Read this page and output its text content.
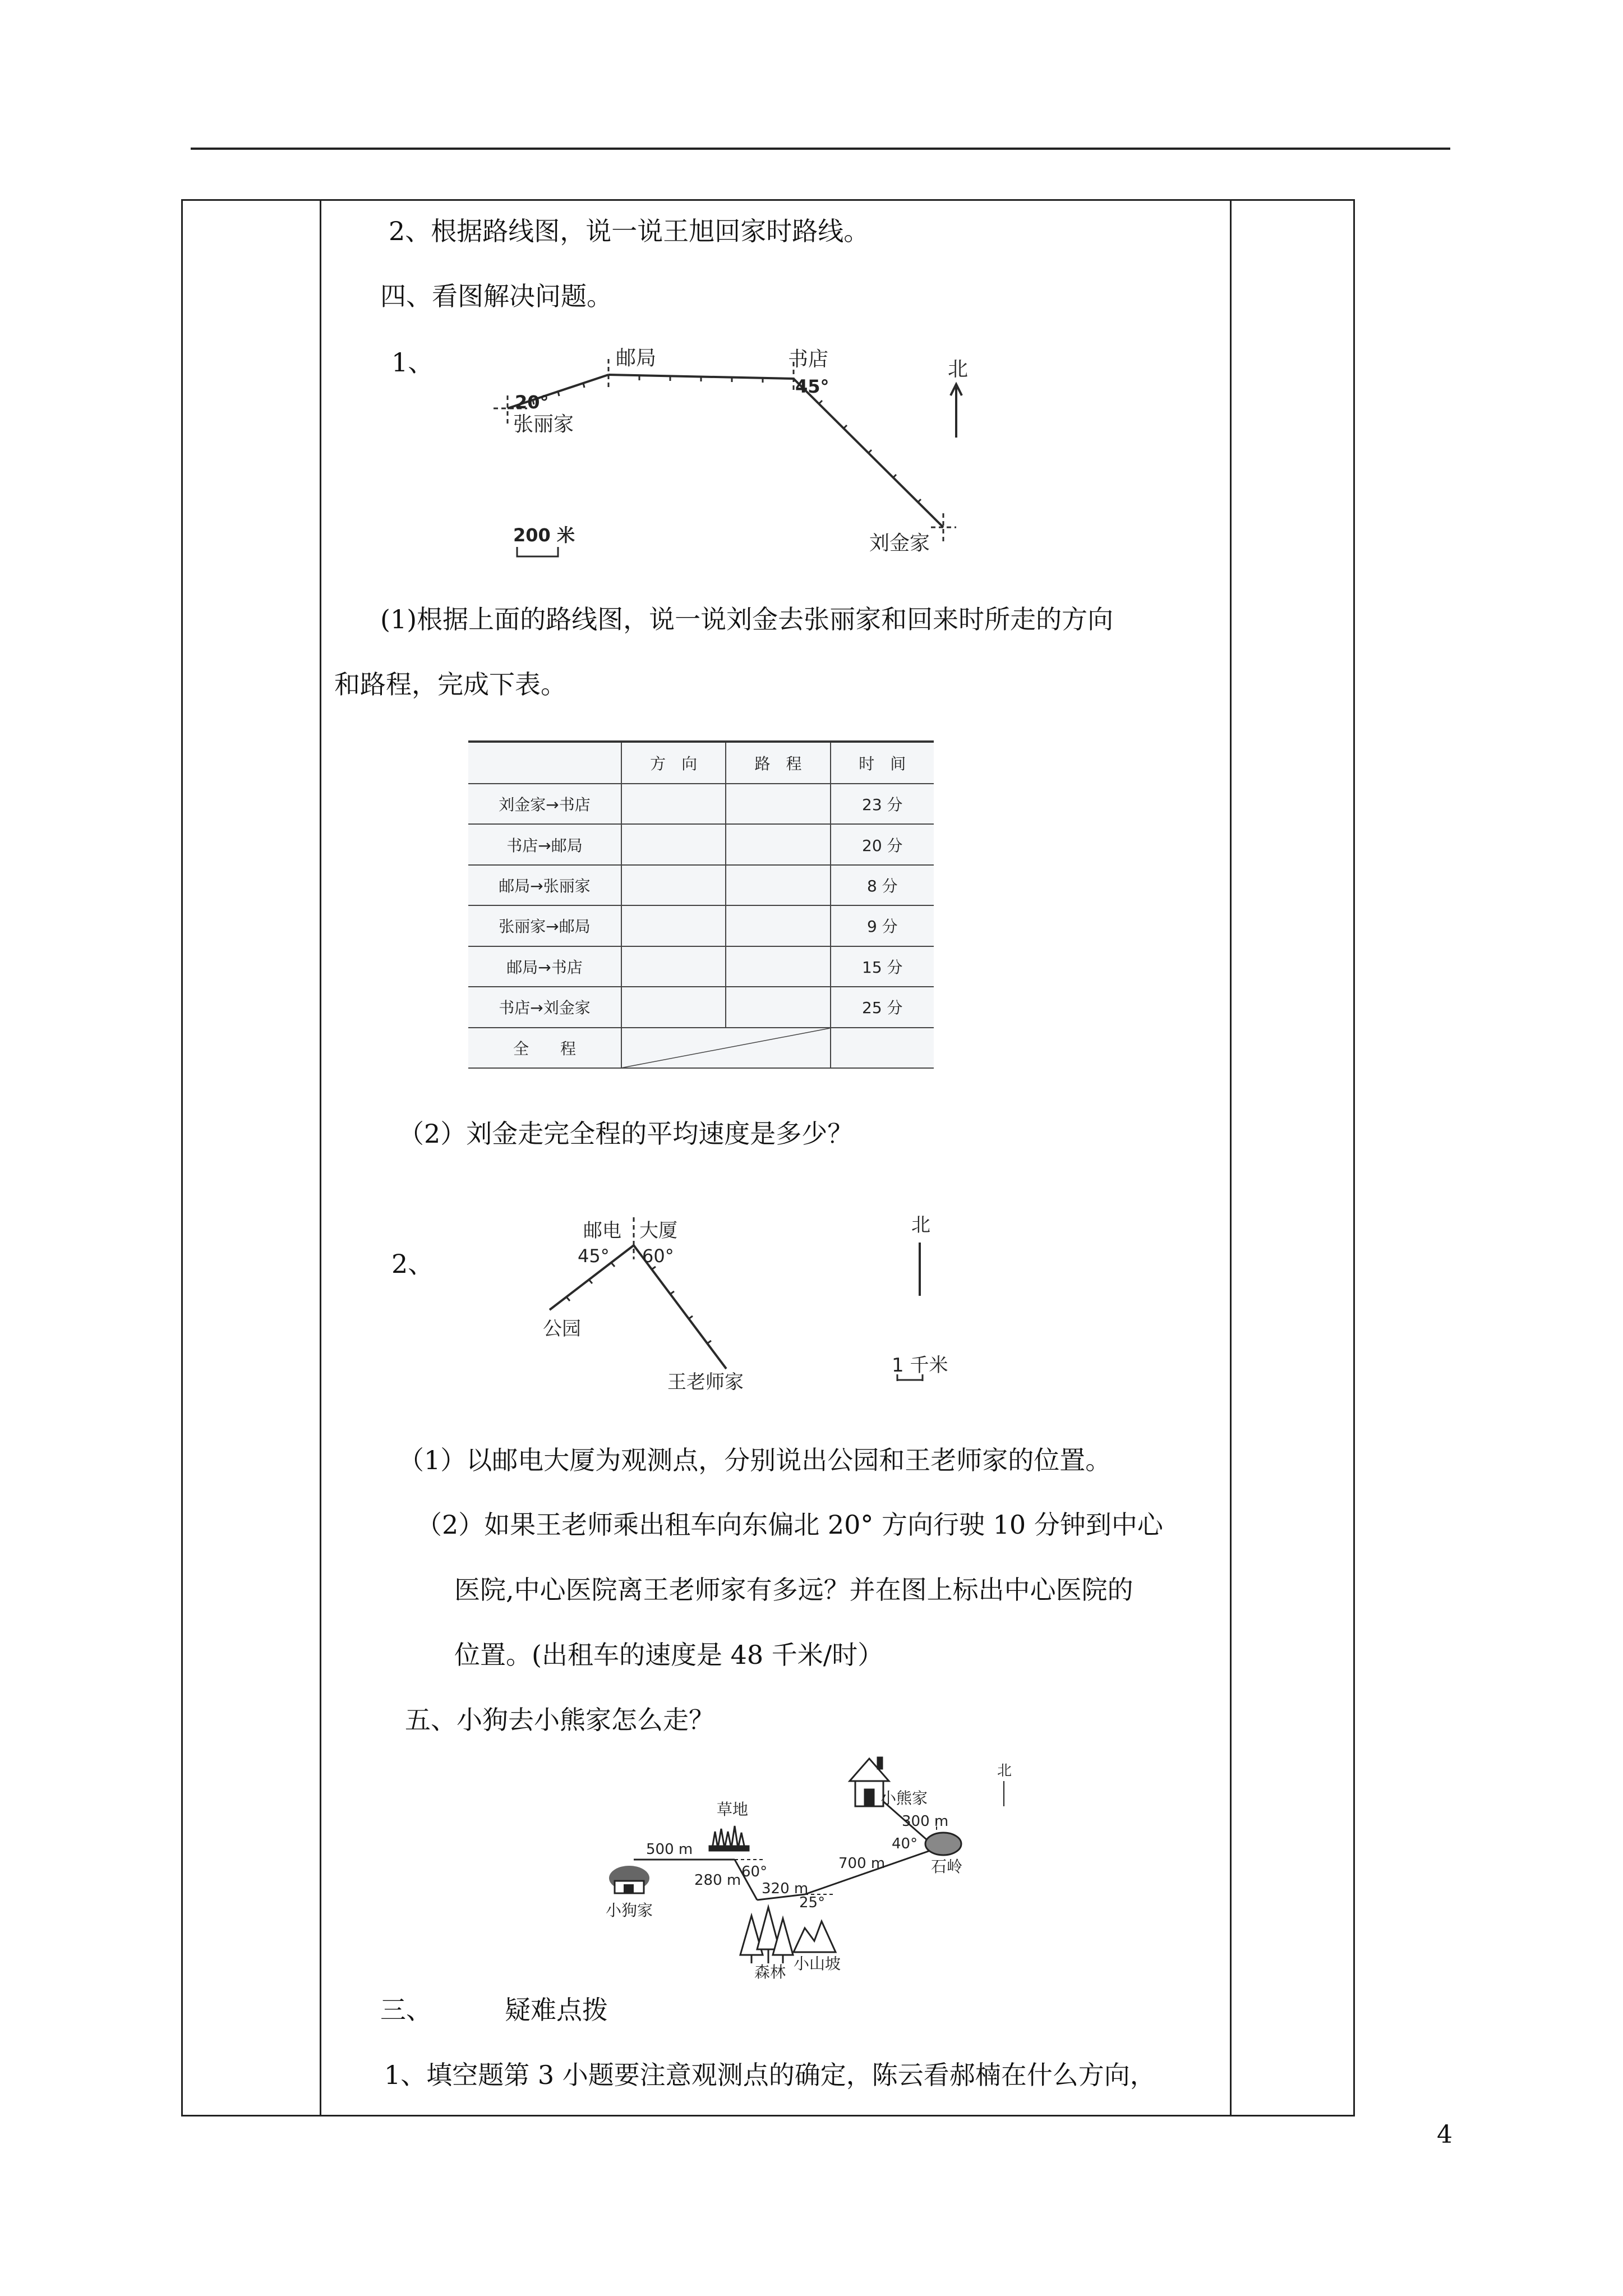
2、根据路线图，说一说王旭回家时路线。
四、看图解决问题。
1、	邮局	书店
45°
20°
张丽家
刘金家
北
200 米
(1)根据上面的路线图，说一说刘金去张丽家和回来时所走的方向
和路程，完成下表。
	方　向	路　程	时　间
刘金家→书店			23 分
书店→邮局			20 分
邮局→张丽家			8 分
张丽家→邮局			9 分
邮局→书店			15 分
书店→刘金家			25 分
全　　程	

（2）刘金走完全程的平均速度是多少？
2、
邮电 大厦
45° 60°
公园
王老师家
北
1 千米
（1）以邮电大厦为观测点，分别说出公园和王老师家的位置。
（2）如果王老师乘出租车向东偏北 20° 方向行驶 10 分钟到中心
医院,中心医院离王老师家有多远？并在图上标出中心医院的
位置。(出租车的速度是 48 千米/时）
五、小狗去小熊家怎么走？
草地
小熊家
北
500 m
280 m 320 m
700 m
300 m
60°
40°
25°
小狗家
森林 小山坡
石岭
三、	疑难点拨
1、填空题第 3 小题要注意观测点的确定，陈云看郝楠在什么方向，
4
